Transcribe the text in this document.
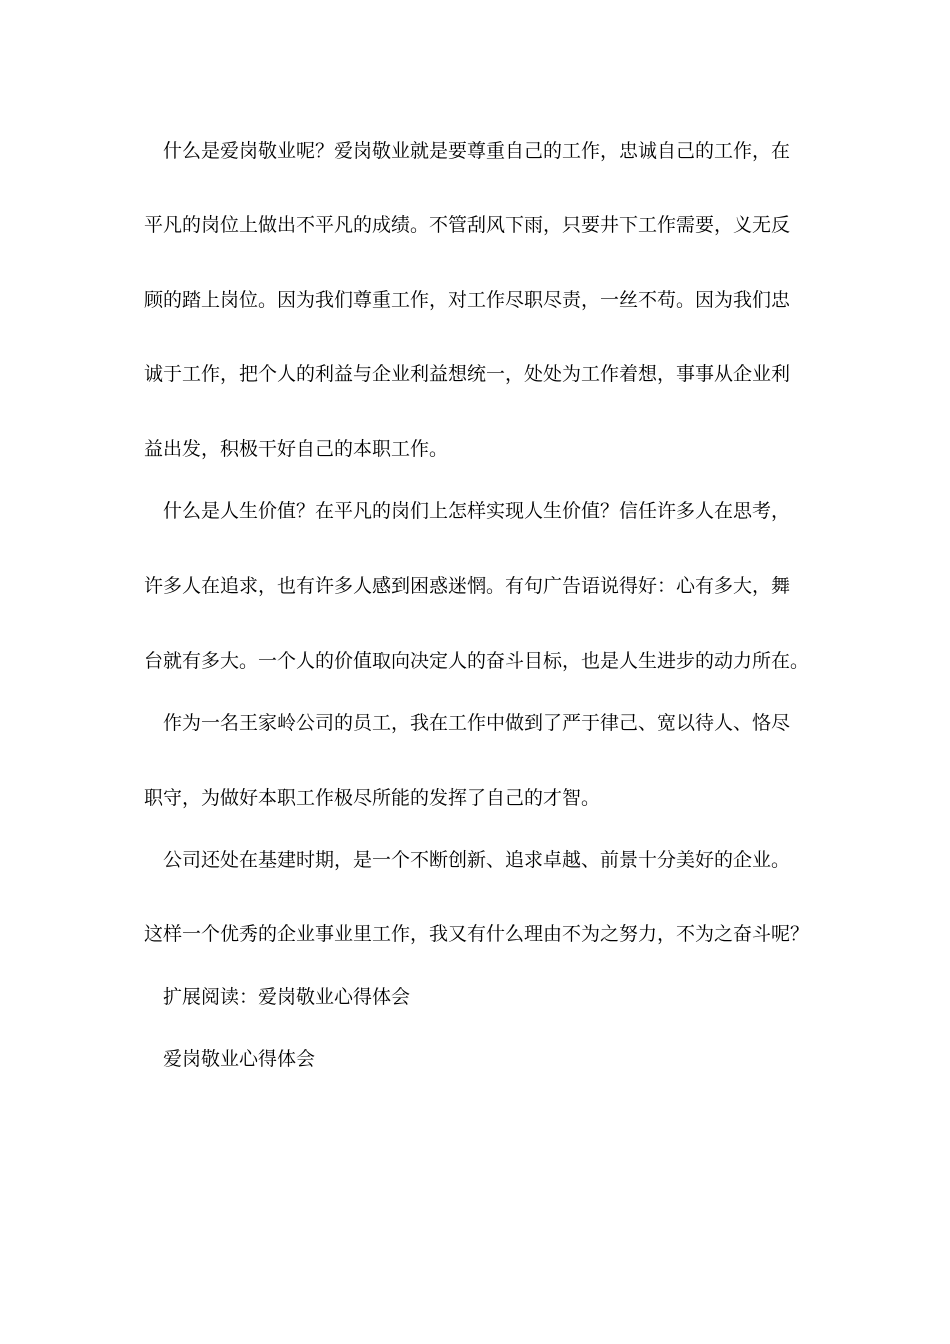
什么是爱岗敬业呢？爱岗敬业就是要尊重自己的工作，忠诚自己的工作，在
平凡的岗位上做出不平凡的成绩。不管刮风下雨，只要井下工作需要，义无反
顾的踏上岗位。因为我们尊重工作，对工作尽职尽责，一丝不苟。因为我们忠
诚于工作，把个人的利益与企业利益想统一，处处为工作着想，事事从企业利
益出发，积极干好自己的本职工作。
什么是人生价值？在平凡的岗们上怎样实现人生价值？信任许多人在思考，
许多人在追求，也有许多人感到困惑迷惘。有句广告语说得好：心有多大，舞
台就有多大。一个人的价值取向决定人的奋斗目标，也是人生进步的动力所在。
作为一名王家岭公司的员工，我在工作中做到了严于律己、宽以待人、恪尽
职守，为做好本职工作极尽所能的发挥了自己的才智。
公司还处在基建时期，是一个不断创新、追求卓越、前景十分美好的企业。
这样一个优秀的企业事业里工作，我又有什么理由不为之努力，不为之奋斗呢？
扩展阅读：爱岗敬业心得体会
爱岗敬业心得体会
